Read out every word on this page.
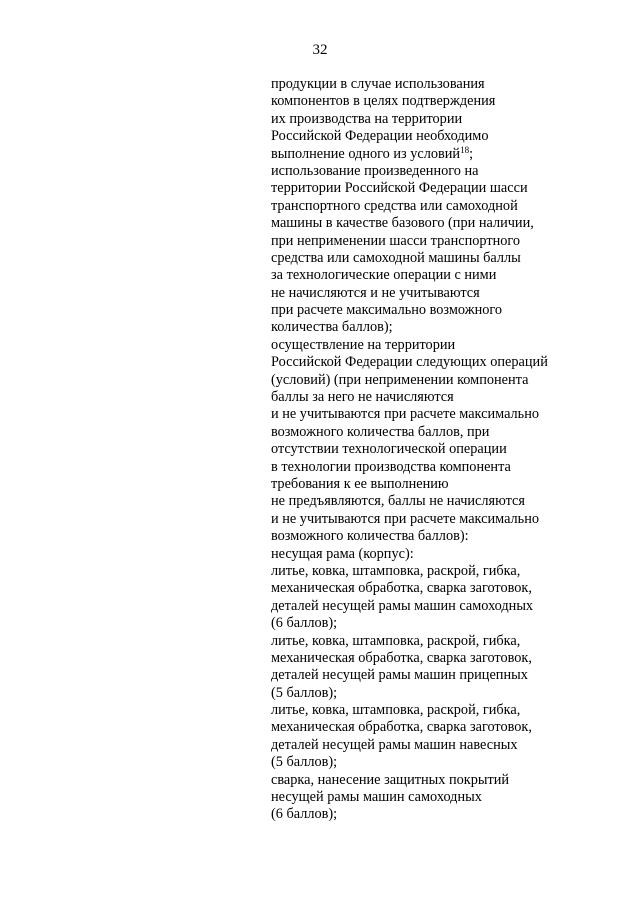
32
продукции в случае использования
компонентов в целях подтверждения
их производства на территории
Российской Федерации необходимо
выполнение одного из условий$^{18}$;
использование произведенного на
территории Российской Федерации шасси
транспортного средства или самоходной
машины в качестве базового (при наличии,
при неприменении шасси транспортного
средства или самоходной машины баллы
за технологические операции с ними
не начисляются и не учитываются
при расчете максимально возможного
количества баллов);
осуществление на территории
Российской Федерации следующих операций
(условий) (при неприменении компонента
баллы за него не начисляются
и не учитываются при расчете максимально
возможного количества баллов, при
отсутствии технологической операции
в технологии производства компонента
требования к ее выполнению
не предъявляются, баллы не начисляются
и не учитываются при расчете максимально
возможного количества баллов):
несущая рама (корпус):
литье, ковка, штамповка, раскрой, гибка,
механическая обработка, сварка заготовок,
деталей несущей рамы машин самоходных
(6 баллов);
литье, ковка, штамповка, раскрой, гибка,
механическая обработка, сварка заготовок,
деталей несущей рамы машин прицепных
(5 баллов);
литье, ковка, штамповка, раскрой, гибка,
механическая обработка, сварка заготовок,
деталей несущей рамы машин навесных
(5 баллов);
сварка, нанесение защитных покрытий
несущей рамы машин самоходных
(6 баллов);
